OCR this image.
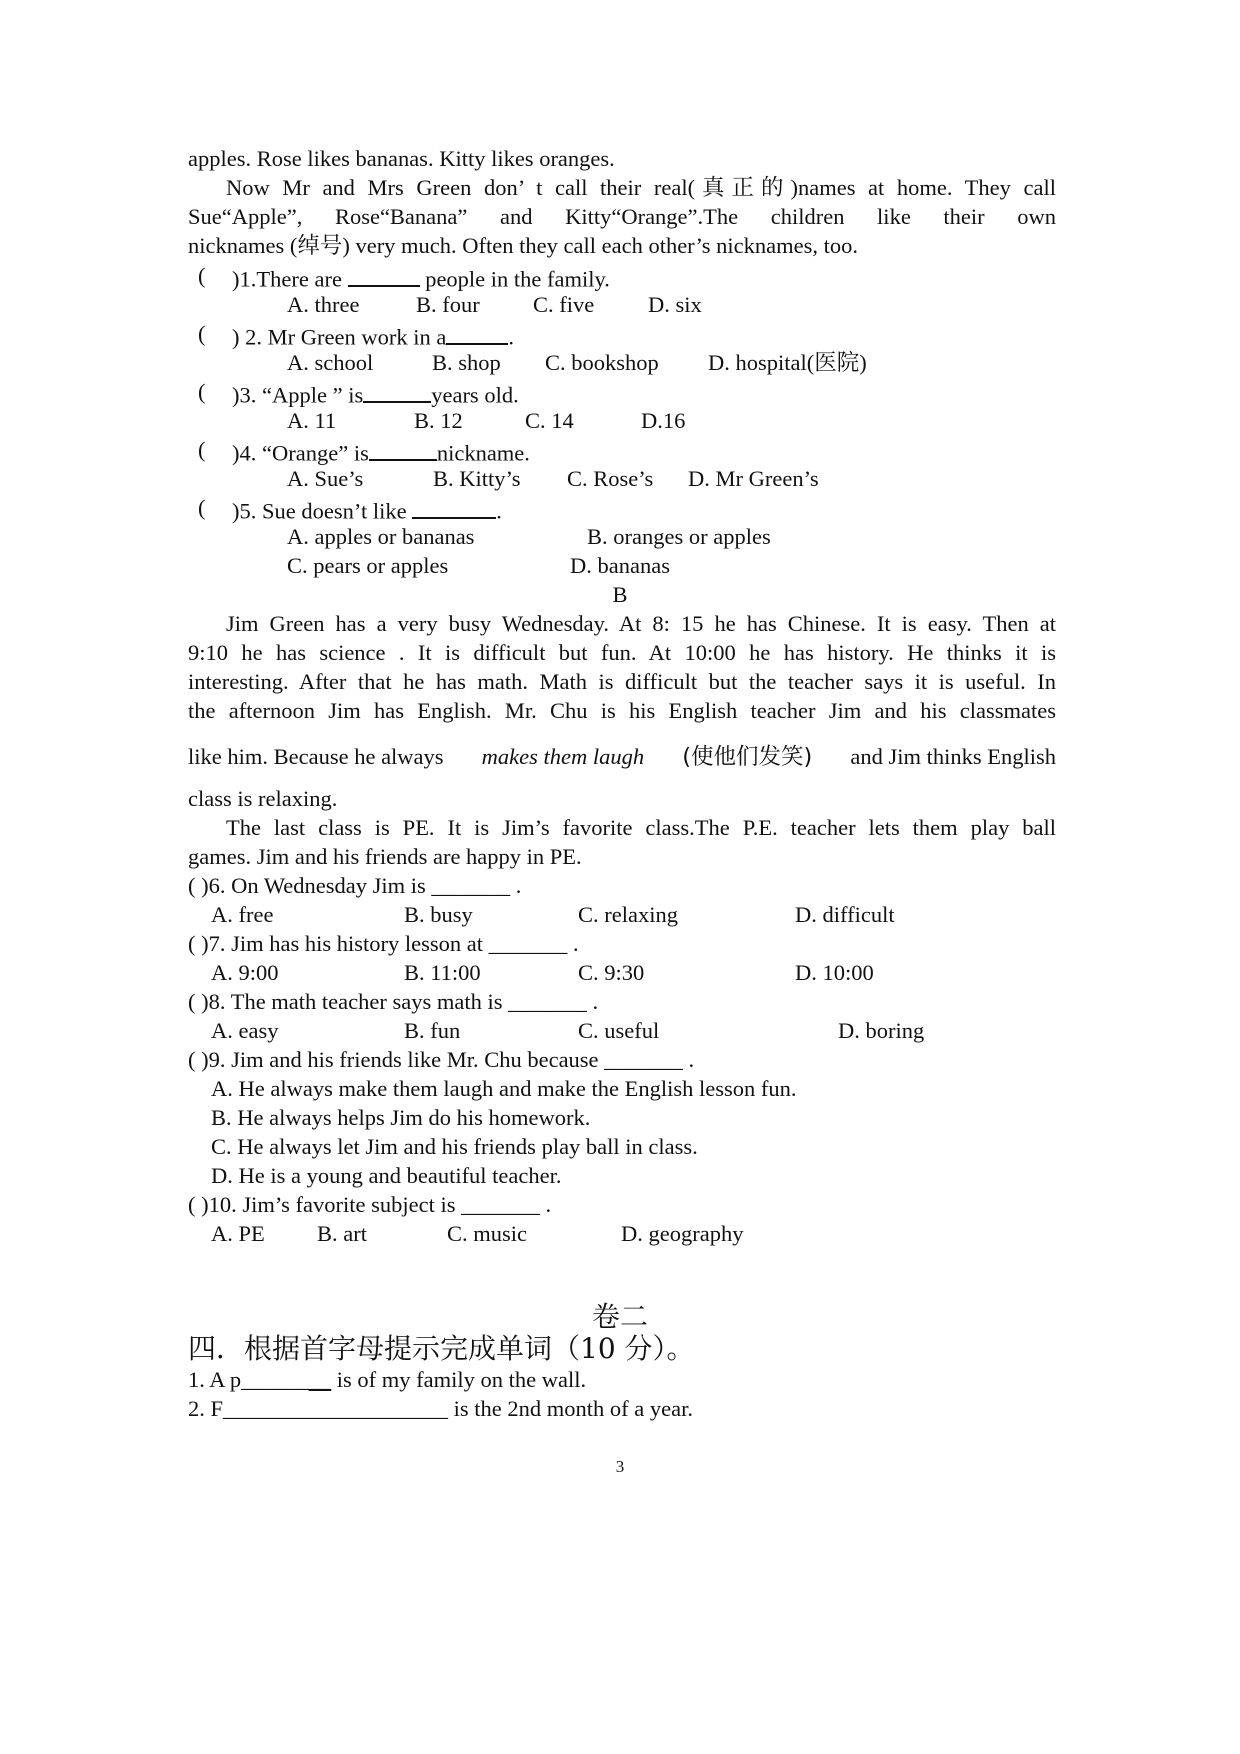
apples. Rose likes bananas. Kitty likes oranges.
Now Mr and Mrs Green don’ t call their real(真正的)names at home. They call
Sue“Apple”, Rose“Banana” and Kitty“Orange”.The children like their own
nicknames (绰号) very much. Often they call each other’s nicknames, too.
( )1.There are	people in the family.
A. three	B. four C. five D. six
( ) 2. Mr Green work in a	.
A. school	B. shop C. bookshop D. hospital(医院)
( )3. “Apple ” is	years old.
A. 11	B. 12	C. 14	D.16
( )4. “Orange” is	nickname.
A. Sue’s	B. Kitty’s C. Rose’s D. Mr Green’s
( )5. Sue doesn’t like	.
A. apples or bananas	B. oranges or apples
C. pears or apples	D. bananas
B
Jim Green has a very busy Wednesday. At 8: 15 he has Chinese. It is easy. Then at
9:10 he has science . It is difficult but fun. At 10:00 he has history. He thinks it is
interesting. After that he has math. Math is difficult but the teacher says it is useful. In
the afternoon Jim has English. Mr. Chu is his English teacher Jim and his classmates
like him. Because he always makes them laugh (使他们发笑) and Jim thinks English
class is relaxing.
The last class is PE. It is Jim’s favorite class.The P.E. teacher lets them play ball
games. Jim and his friends are happy in PE.
( )6. On Wednesday Jim is _______ .
A. free	B. busy	C. relaxing	D. difficult
( )7. Jim has his history lesson at _______ .
A. 9:00	B. 11:00	C. 9:30	D. 10:00
( )8. The math teacher says math is _______ .
A. easy	B. fun	C. useful	D. boring
( )9. Jim and his friends like Mr. Chu because _______ .
A. He always make them laugh and make the English lesson fun.
B. He always helps Jim do his homework.
C. He always let Jim and his friends play ball in class.
D. He is a young and beautiful teacher.
( )10. Jim’s favorite subject is _______ .
A. PE B. art	C. music	D. geography
卷二
四．根据首字母提示完成单词（10 分）。
1. A p________ is of my family on the wall.
2. F____________________ is the 2nd month of a year.
3
